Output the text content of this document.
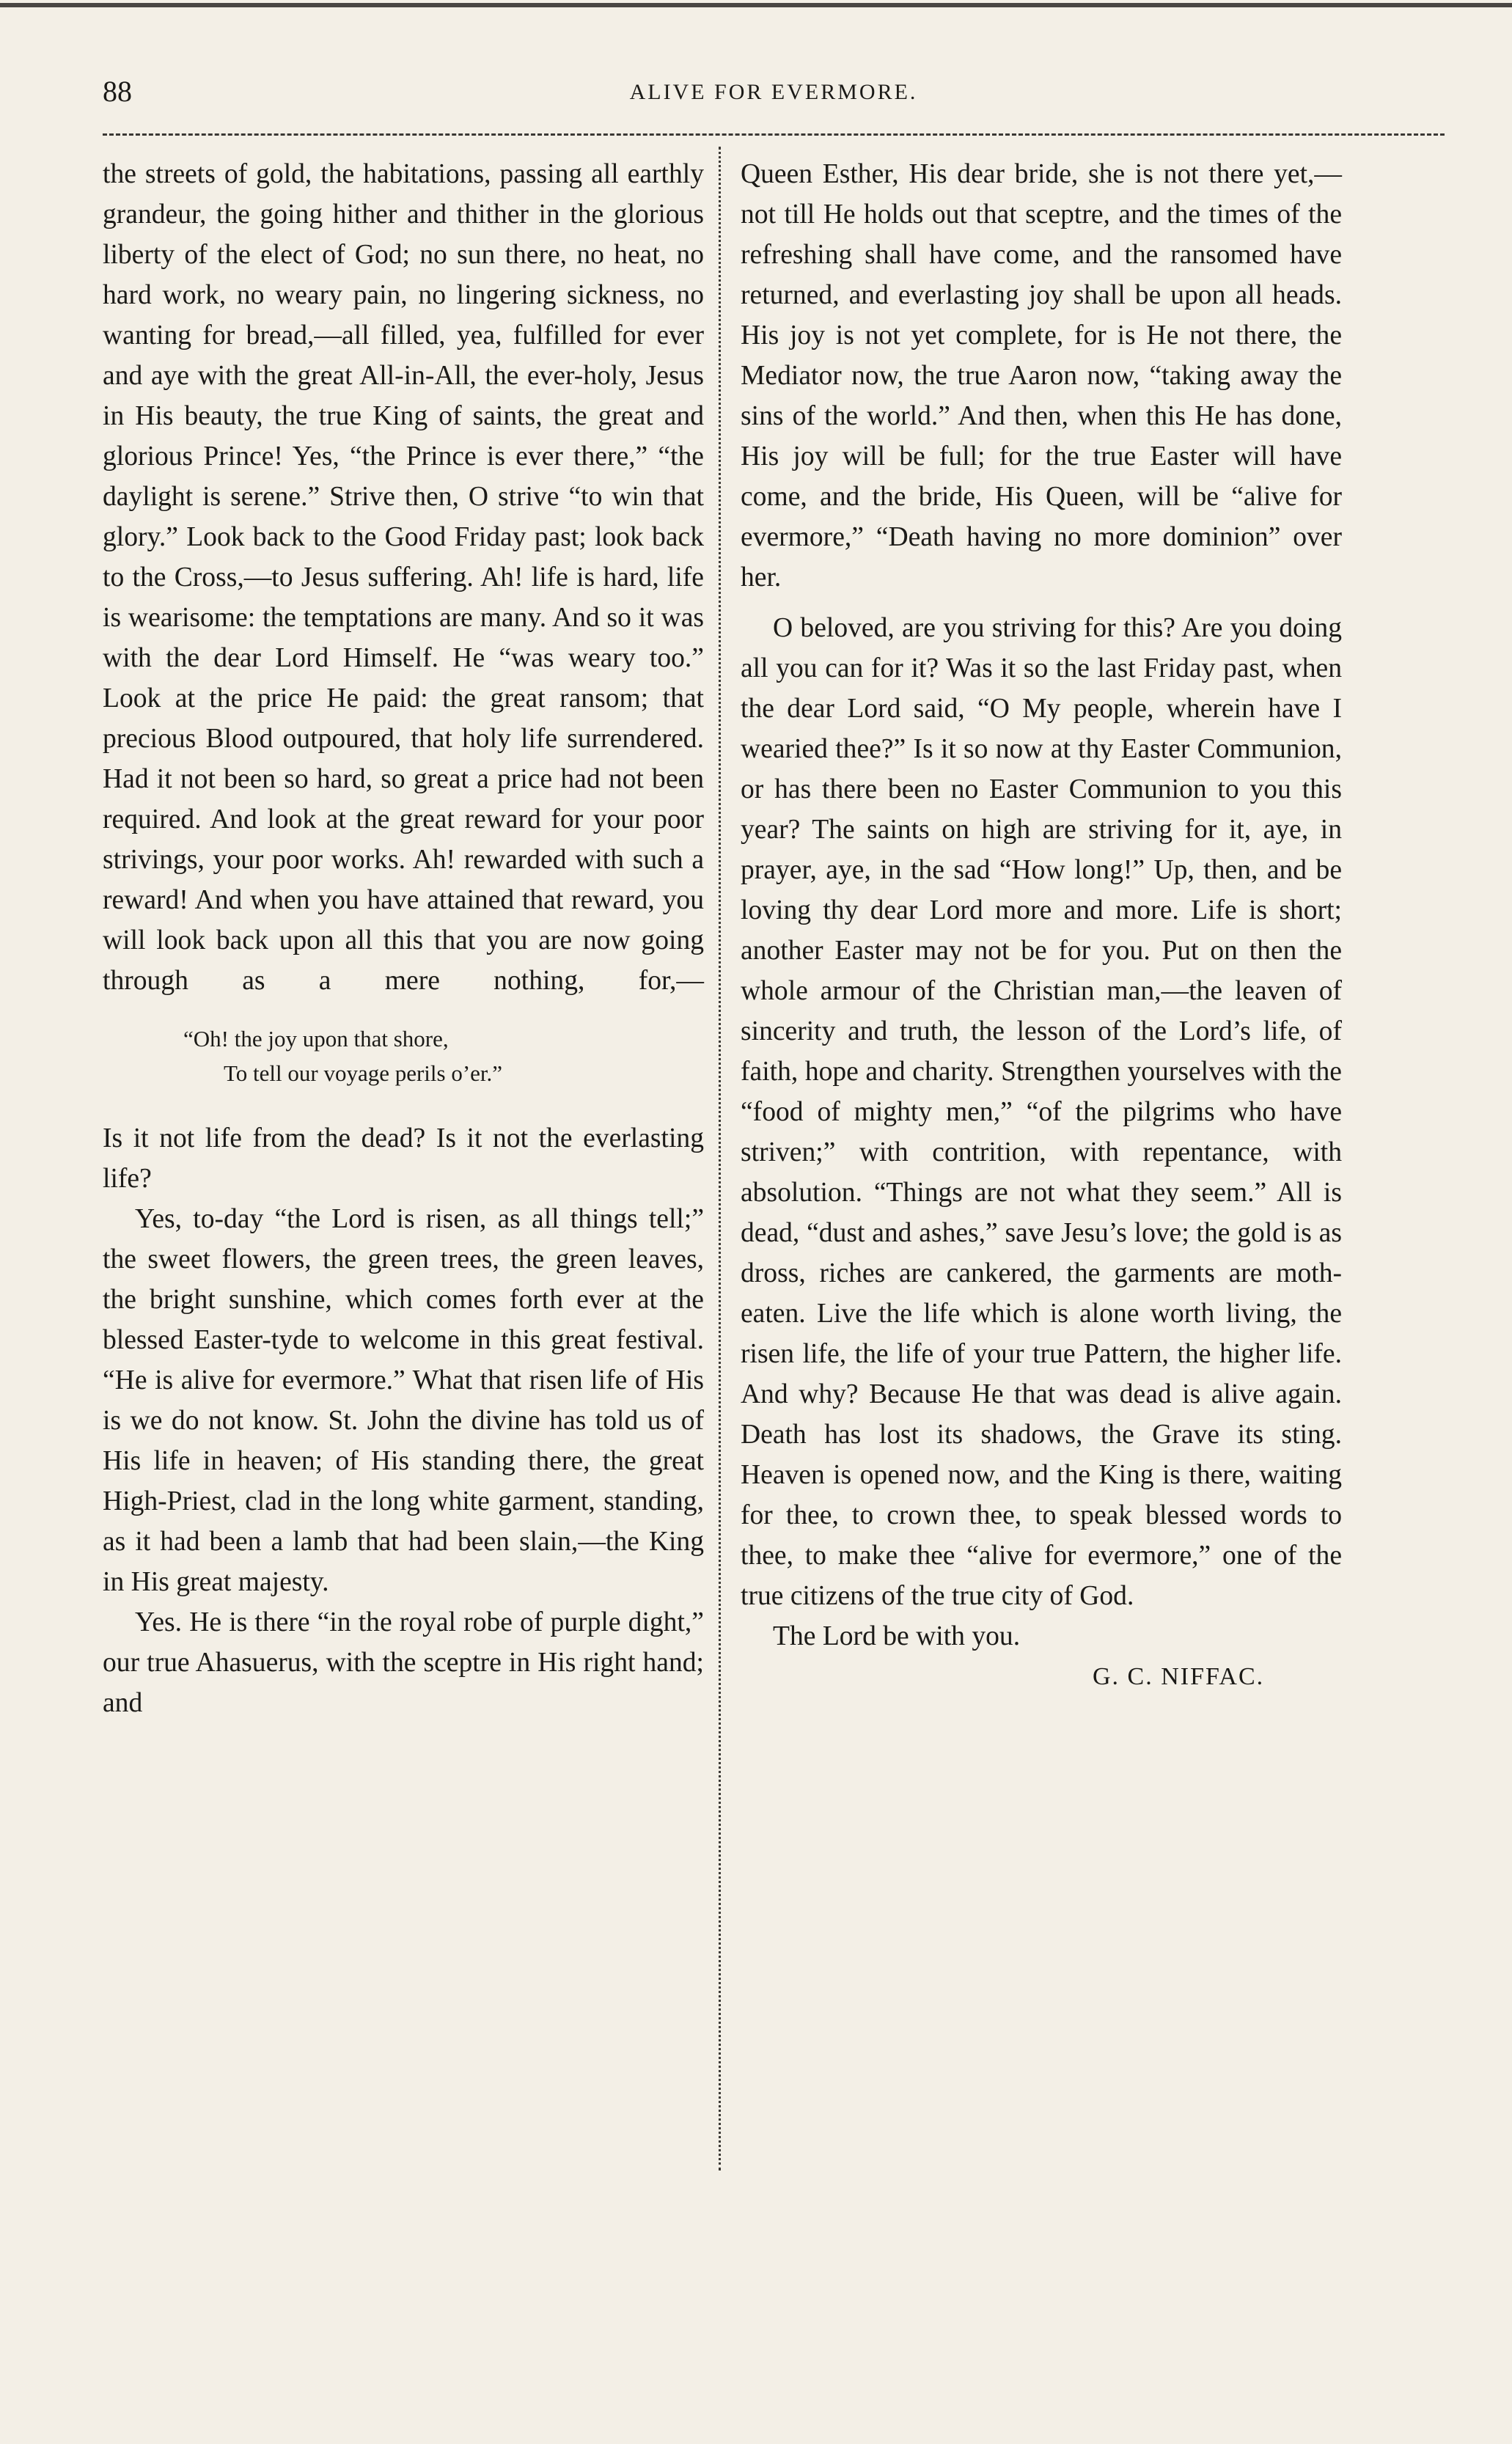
88	ALIVE FOR EVERMORE.

the streets of gold, the habitations, passing all earthly grandeur, the going hither and thither in the glorious liberty of the elect of God; no sun there, no heat, no hard work, no weary pain, no lingering sickness, no wanting for bread,—all filled, yea, fulfilled for ever and aye with the great All-in-All, the ever-holy, Jesus in His beauty, the true King of saints, the great and glorious Prince! Yes, “the Prince is ever there,” “the daylight is serene.” Strive then, O strive “to win that glory.” Look back to the Good Friday past; look back to the Cross,—to Jesus suffering. Ah! life is hard, life is wearisome: the temptations are many. And so it was with the dear Lord Himself. He “was weary too.” Look at the price He paid: the great ransom; that precious Blood outpoured, that holy life surrendered. Had it not been so hard, so great a price had not been required. And look at the great reward for your poor strivings, your poor works. Ah! rewarded with such a reward! And when you have attained that reward, you will look back upon all this that you are now going through as a mere nothing, for,—

“Oh! the joy upon that shore,
To tell our voyage perils o’er.”

Is it not life from the dead? Is it not the everlasting life?

Yes, to-day “the Lord is risen, as all things tell;” the sweet flowers, the green trees, the green leaves, the bright sunshine, which comes forth ever at the blessed Easter-tyde to welcome in this great festival. “He is alive for evermore.” What that risen life of His is we do not know. St. John the divine has told us of His life in heaven; of His standing there, the great High-Priest, clad in the long white garment, standing, as it had been a lamb that had been slain,—the King in His great majesty.

Yes. He is there “in the royal robe of purple dight,” our true Ahasuerus, with the sceptre in His right hand; and

Queen Esther, His dear bride, she is not there yet,—not till He holds out that sceptre, and the times of the refreshing shall have come, and the ransomed have returned, and everlasting joy shall be upon all heads. His joy is not yet complete, for is He not there, the Mediator now, the true Aaron now, “taking away the sins of the world.” And then, when this He has done, His joy will be full; for the true Easter will have come, and the bride, His Queen, will be “alive for evermore,” “Death having no more dominion” over her.

O beloved, are you striving for this? Are you doing all you can for it? Was it so the last Friday past, when the dear Lord said, “O My people, wherein have I wearied thee?” Is it so now at thy Easter Communion, or has there been no Easter Communion to you this year? The saints on high are striving for it, aye, in prayer, aye, in the sad “How long!” Up, then, and be loving thy dear Lord more and more. Life is short; another Easter may not be for you. Put on then the whole armour of the Christian man,—the leaven of sincerity and truth, the lesson of the Lord’s life, of faith, hope and charity. Strengthen yourselves with the “food of mighty men,” “of the pilgrims who have striven;” with contrition, with repentance, with absolution. “Things are not what they seem.” All is dead, “dust and ashes,” save Jesu’s love; the gold is as dross, riches are cankered, the garments are moth-eaten. Live the life which is alone worth living, the risen life, the life of your true Pattern, the higher life. And why? Because He that was dead is alive again. Death has lost its shadows, the Grave its sting. Heaven is opened now, and the King is there, waiting for thee, to crown thee, to speak blessed words to thee, to make thee “alive for evermore,” one of the true citizens of the true city of God.

The Lord be with you.

G. C. NIFFAC.
